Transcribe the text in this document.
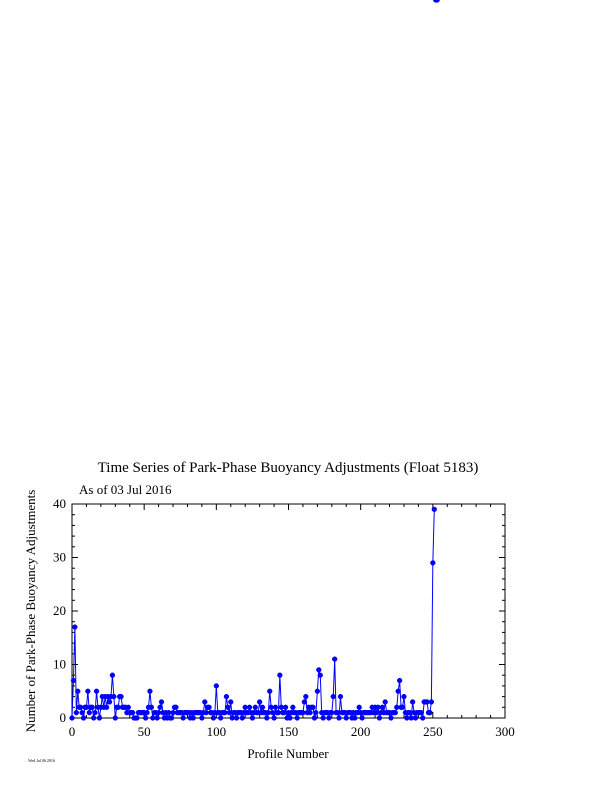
Time Series of Park-Phase Buoyancy Adjustments (Float 5183)
As of 03 Jul 2016
0	50	100	150	200	250	300
0
10
20
30
40
Profile Number
Number of Park-Phase Buoyancy Adjustments
Wed Jul 06 2016
